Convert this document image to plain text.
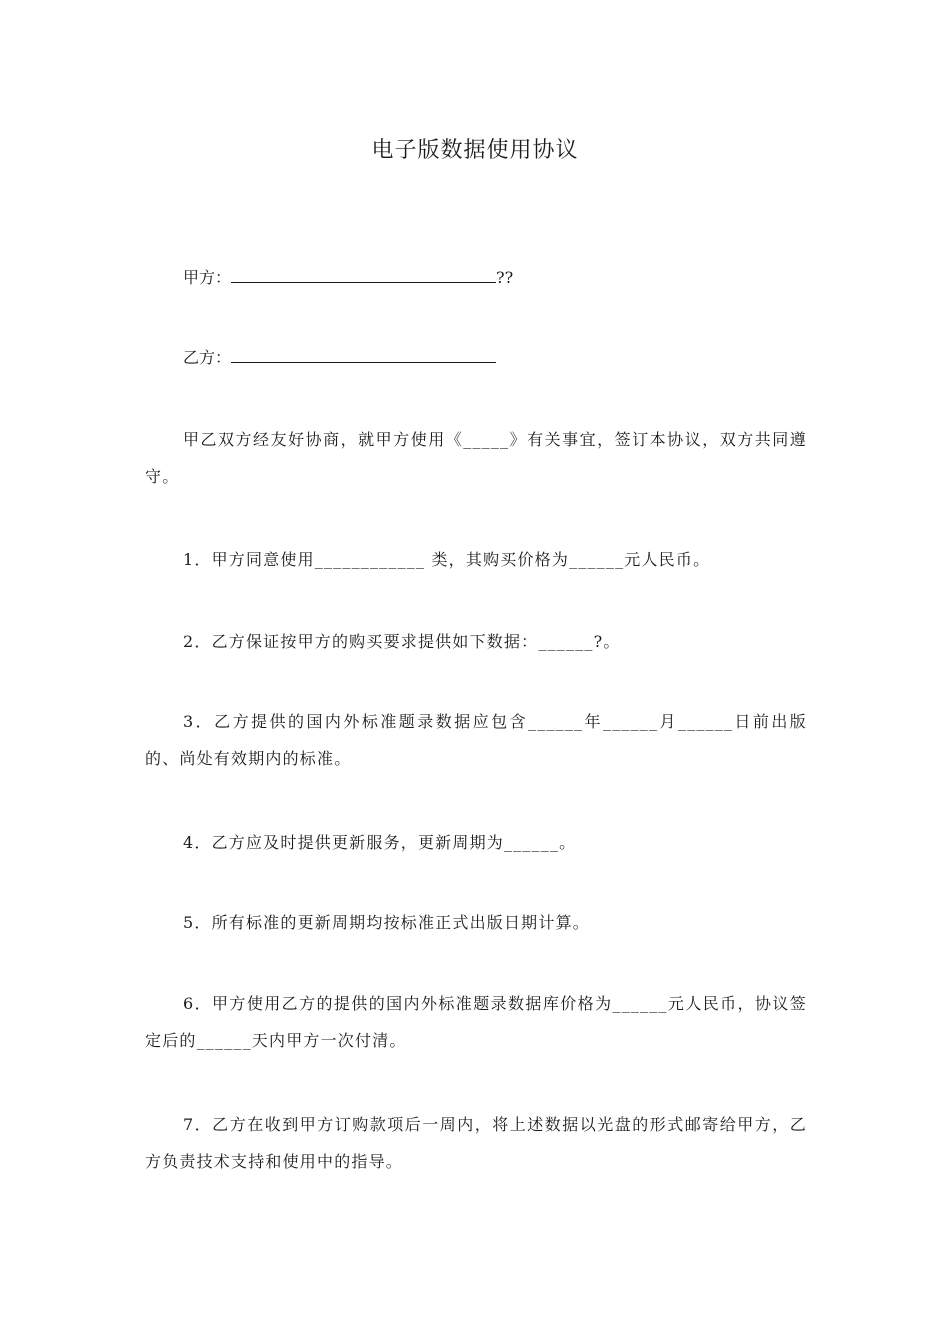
电子版数据使用协议
甲方：	??
乙方：
甲乙双方经友好协商，就甲方使用《_____》有关事宜，签订本协议，双方共同遵守。
1．甲方同意使用____________ 类，其购买价格为______元人民币。
2．乙方保证按甲方的购买要求提供如下数据：______?。
3．乙方提供的国内外标准题录数据应包含______年______月______日前出版的、尚处有效期内的标准。
4．乙方应及时提供更新服务，更新周期为______。
5．所有标准的更新周期均按标准正式出版日期计算。
6．甲方使用乙方的提供的国内外标准题录数据库价格为______元人民币，协议签定后的______天内甲方一次付清。
7．乙方在收到甲方订购款项后一周内，将上述数据以光盘的形式邮寄给甲方，乙方负责技术支持和使用中的指导。
